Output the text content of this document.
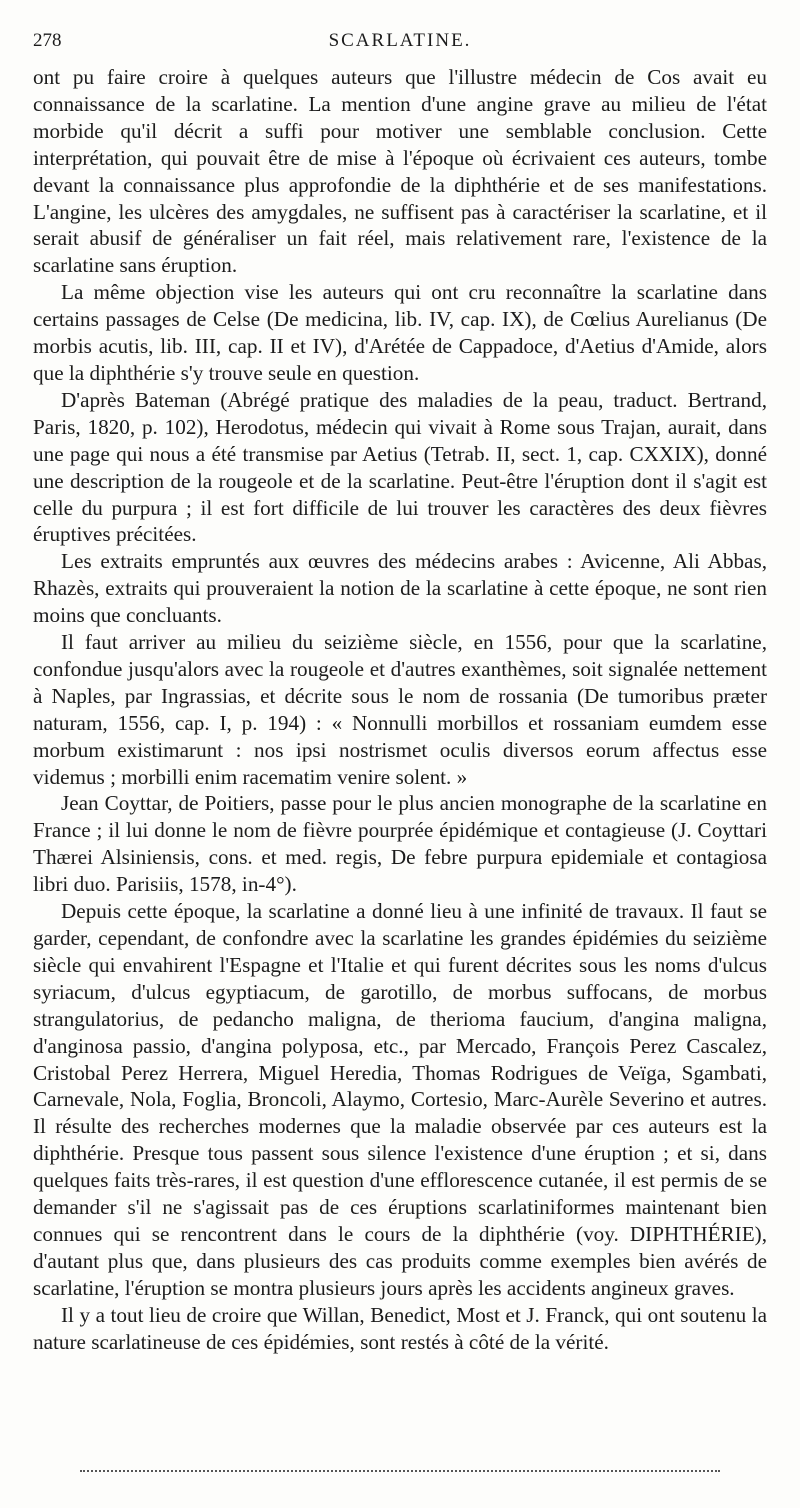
278	SCARLATINE.

ont pu faire croire à quelques auteurs que l'illustre médecin de Cos avait eu connaissance de la scarlatine. La mention d'une angine grave au milieu de l'état morbide qu'il décrit a suffi pour motiver une semblable conclusion. Cette interprétation, qui pouvait être de mise à l'époque où écrivaient ces auteurs, tombe devant la connaissance plus approfondie de la diphthérie et de ses manifestations. L'angine, les ulcères des amygdales, ne suffisent pas à caractériser la scarlatine, et il serait abusif de généraliser un fait réel, mais relativement rare, l'existence de la scarlatine sans éruption.

La même objection vise les auteurs qui ont cru reconnaître la scarlatine dans certains passages de Celse (De medicina, lib. IV, cap. IX), de Cœlius Aurelianus (De morbis acutis, lib. III, cap. II et IV), d'Arétée de Cappadoce, d'Aetius d'Amide, alors que la diphthérie s'y trouve seule en question.

D'après Bateman (Abrégé pratique des maladies de la peau, traduct. Bertrand, Paris, 1820, p. 102), Herodotus, médecin qui vivait à Rome sous Trajan, aurait, dans une page qui nous a été transmise par Aetius (Tetrab. II, sect. 1, cap. CXXIX), donné une description de la rougeole et de la scarlatine. Peut-être l'éruption dont il s'agit est celle du purpura ; il est fort difficile de lui trouver les caractères des deux fièvres éruptives précitées.

Les extraits empruntés aux œuvres des médecins arabes : Avicenne, Ali Abbas, Rhazès, extraits qui prouveraient la notion de la scarlatine à cette époque, ne sont rien moins que concluants.

Il faut arriver au milieu du seizième siècle, en 1556, pour que la scarlatine, confondue jusqu'alors avec la rougeole et d'autres exanthèmes, soit signalée nettement à Naples, par Ingrassias, et décrite sous le nom de rossania (De tumoribus præter naturam, 1556, cap. I, p. 194) : « Nonnulli morbillos et rossaniam eumdem esse morbum existimarunt : nos ipsi nostrismet oculis diversos eorum affectus esse videmus ; morbilli enim racematim venire solent. »

Jean Coyttar, de Poitiers, passe pour le plus ancien monographe de la scarlatine en France ; il lui donne le nom de fièvre pourprée épidémique et contagieuse (J. Coyttari Thærei Alsiniensis, cons. et med. regis, De febre purpura epidemiale et contagiosa libri duo. Parisiis, 1578, in-4°).

Depuis cette époque, la scarlatine a donné lieu à une infinité de travaux. Il faut se garder, cependant, de confondre avec la scarlatine les grandes épidémies du seizième siècle qui envahirent l'Espagne et l'Italie et qui furent décrites sous les noms d'ulcus syriacum, d'ulcus egyptiacum, de garotillo, de morbus suffocans, de morbus strangulatorius, de pedancho maligna, de therioma faucium, d'angina maligna, d'anginosa passio, d'angina polyposa, etc., par Mercado, François Perez Cascalez, Cristobal Perez Herrera, Miguel Heredia, Thomas Rodrigues de Veïga, Sgambati, Carnevale, Nola, Foglia, Broncoli, Alaymo, Cortesio, Marc-Aurèle Severino et autres. Il résulte des recherches modernes que la maladie observée par ces auteurs est la diphthérie. Presque tous passent sous silence l'existence d'une éruption ; et si, dans quelques faits très-rares, il est question d'une efflorescence cutanée, il est permis de se demander s'il ne s'agissait pas de ces éruptions scarlatiniformes maintenant bien connues qui se rencontrent dans le cours de la diphthérie (voy. DIPHTHÉRIE), d'autant plus que, dans plusieurs des cas produits comme exemples bien avérés de scarlatine, l'éruption se montra plusieurs jours après les accidents angineux graves.

Il y a tout lieu de croire que Willan, Benedict, Most et J. Franck, qui ont soutenu la nature scarlatineuse de ces épidémies, sont restés à côté de la vérité.
